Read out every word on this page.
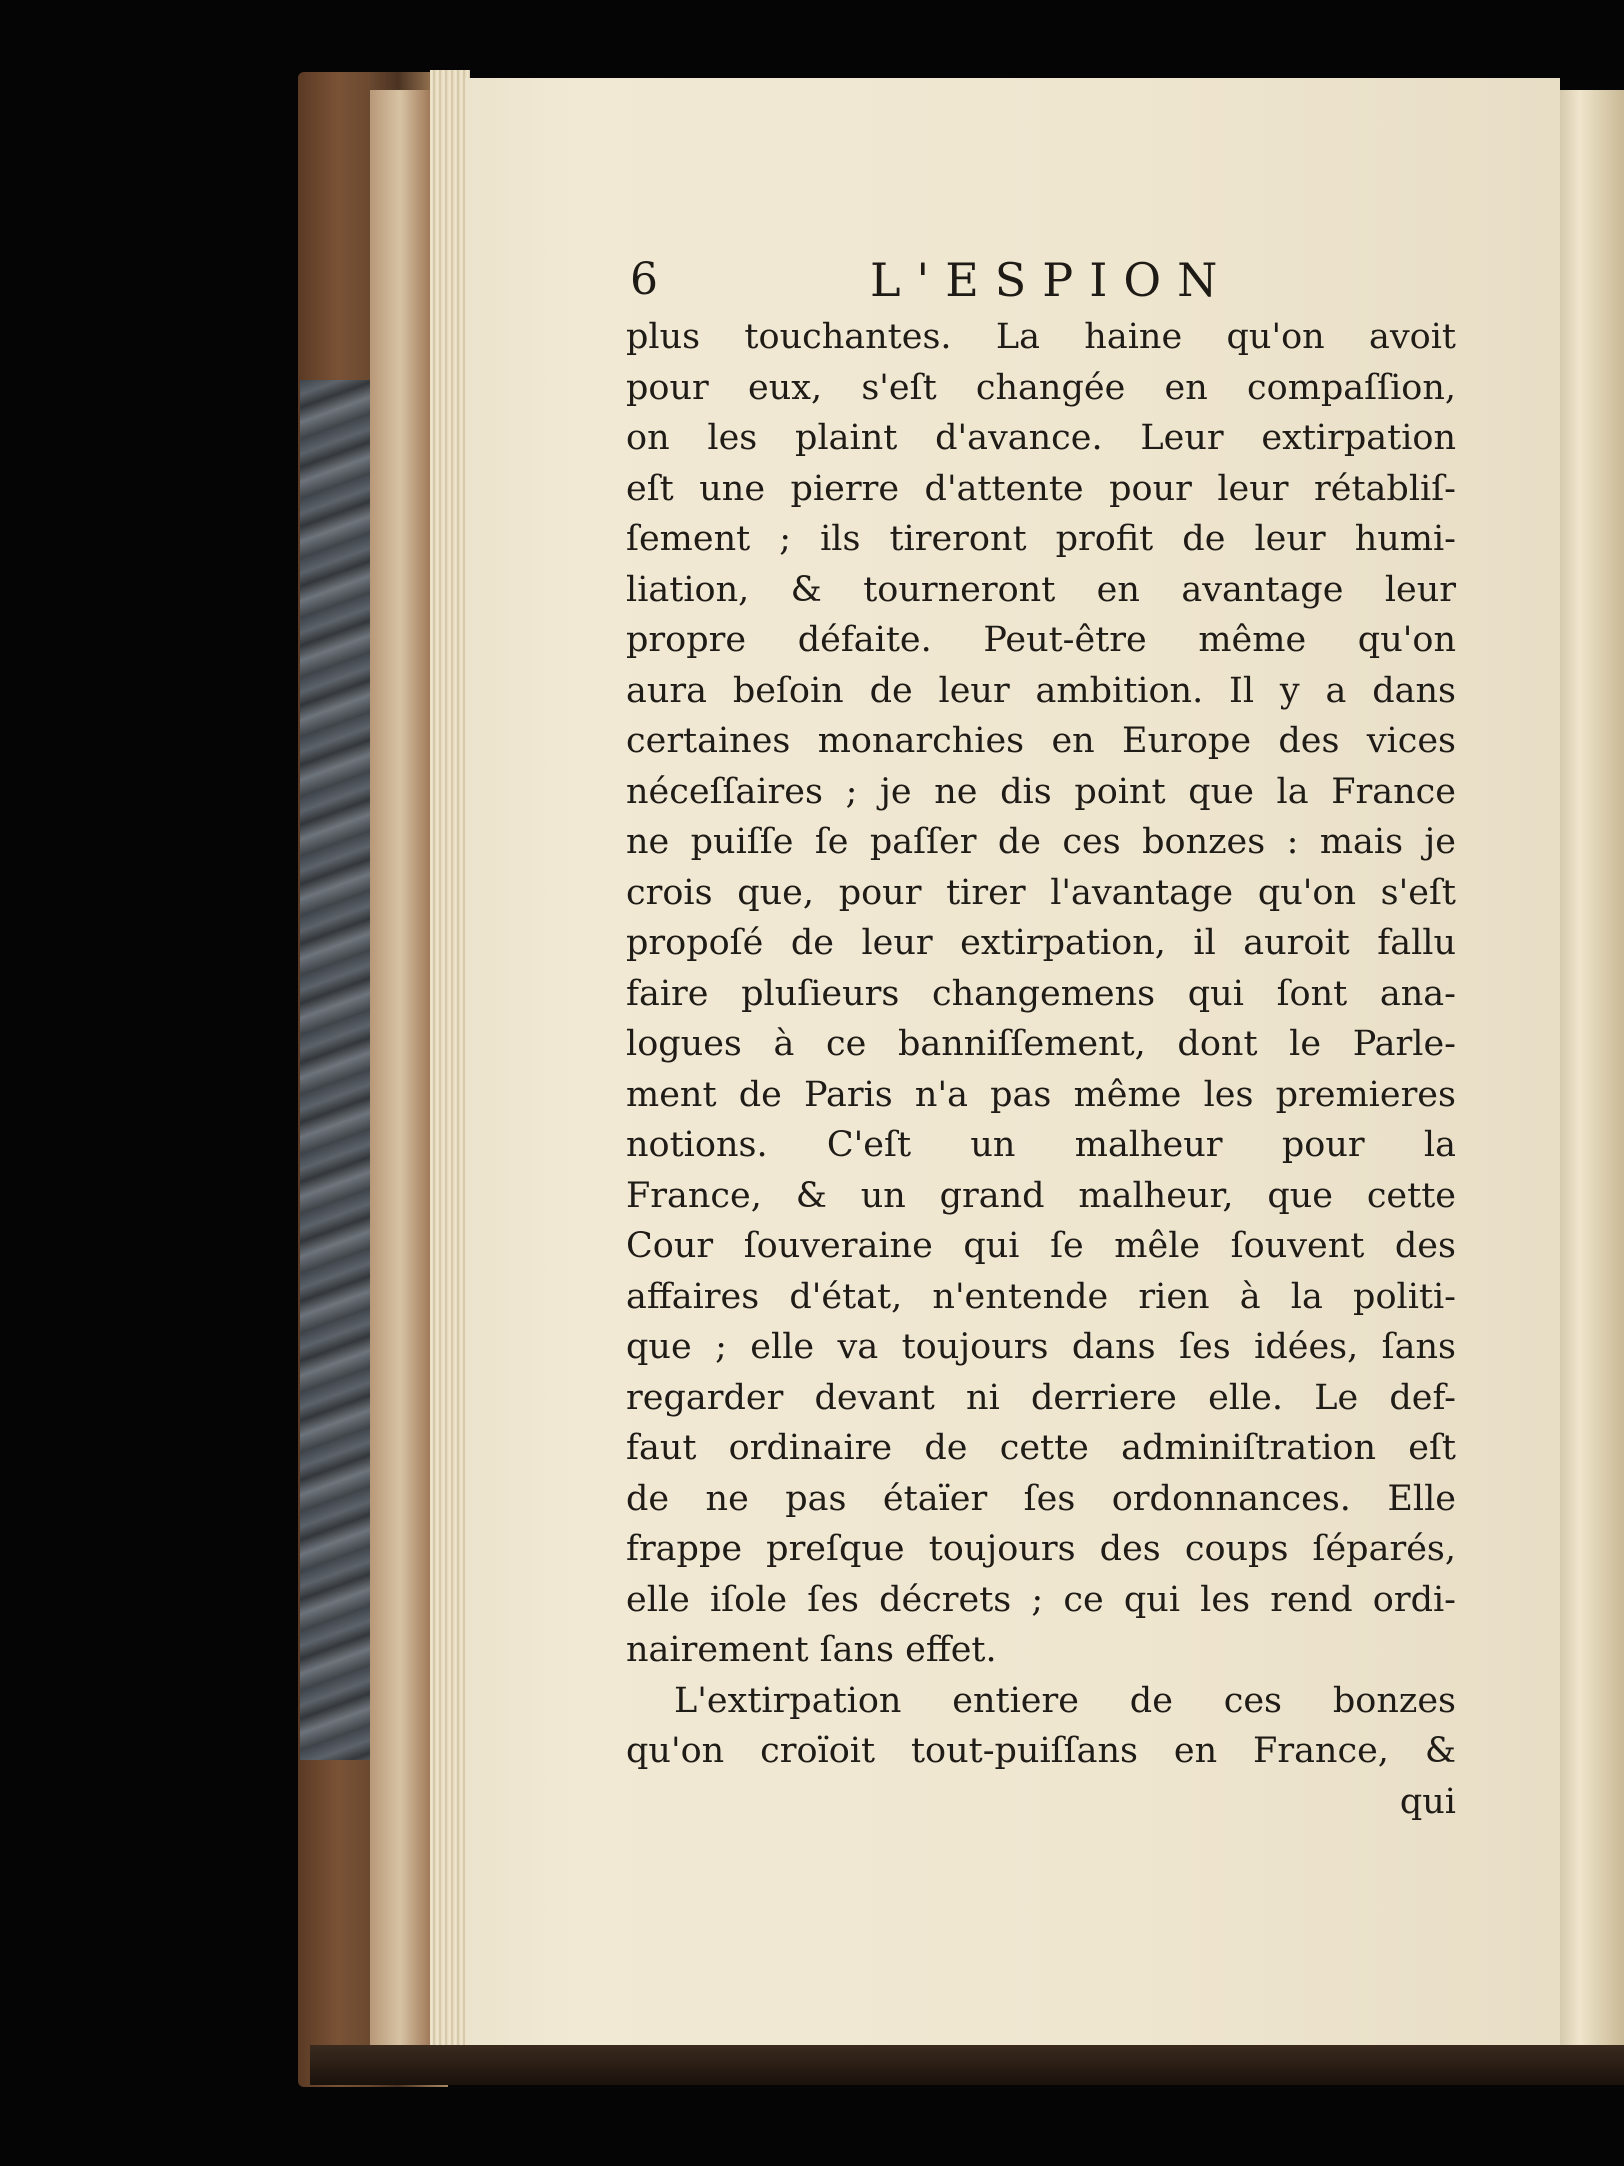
6	L'ESPION
plus touchantes. La haine qu'on avoit
pour eux, s'eſt changée en compaſſion,
on les plaint d'avance. Leur extirpation
eſt une pierre d'attente pour leur rétabliſ-
ſement ; ils tireront profit de leur humi-
liation, & tourneront en avantage leur
propre défaite. Peut-être même qu'on
aura beſoin de leur ambition. Il y a dans
certaines monarchies en Europe des vices
néceſſaires ; je ne dis point que la France
ne puiſſe ſe paſſer de ces bonzes : mais je
crois que, pour tirer l'avantage qu'on s'eſt
propoſé de leur extirpation, il auroit fallu
faire pluſieurs changemens qui ſont ana-
logues à ce banniſſement, dont le Parle-
ment de Paris n'a pas même les premieres
notions. C'eſt un malheur pour la
France, & un grand malheur, que cette
Cour ſouveraine qui ſe mêle ſouvent des
affaires d'état, n'entende rien à la politi-
que ; elle va toujours dans ſes idées, ſans
regarder devant ni derriere elle. Le def-
faut ordinaire de cette adminiſtration eſt
de ne pas étaïer ſes ordonnances. Elle
frappe preſque toujours des coups ſéparés,
elle iſole ſes décrets ; ce qui les rend ordi-
nairement ſans effet.
L'extirpation entiere de ces bonzes
qu'on croïoit tout-puiſſans en France, &
qui
